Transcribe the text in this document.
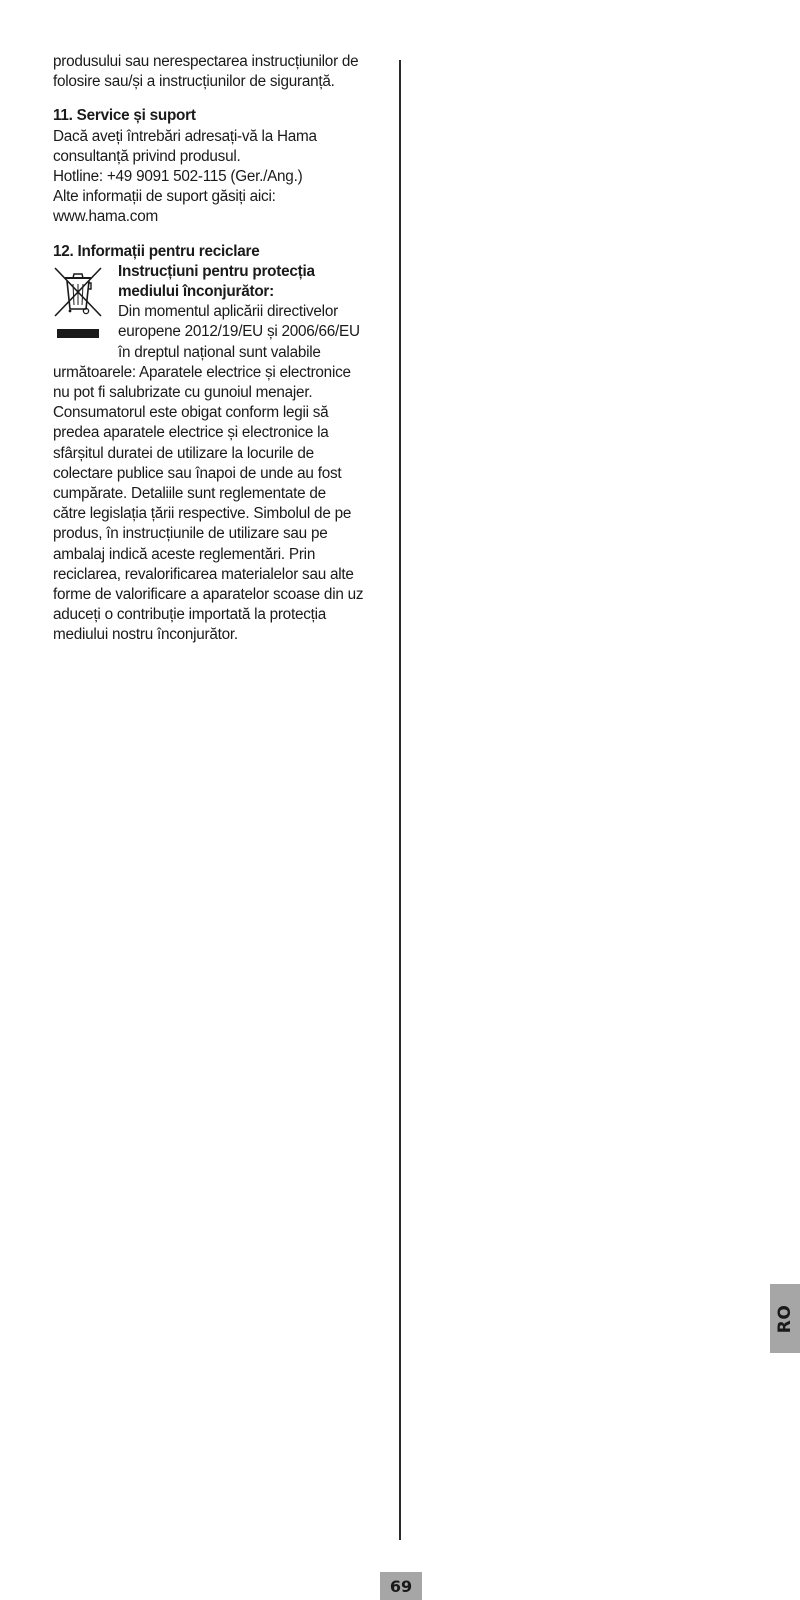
produsului sau nerespectarea instrucțiunilor de
folosire sau/și a instrucțiunilor de siguranță.

11. Service și suport
Dacă aveți întrebări adresați-vă la Hama
consultanță privind produsul.
Hotline: +49 9091 502-115 (Ger./Ang.)
Alte informații de suport găsiți aici:
www.hama.com
12. Informații pentru reciclare
Instrucțiuni pentru protecția
mediului înconjurător:
Din momentul aplicării directivelor
europene 2012/19/EU și 2006/66/EU
în dreptul național sunt valabile
următoarele: Aparatele electrice și electronice
nu pot fi salubrizate cu gunoiul menajer.
Consumatorul este obigat conform legii să
predea aparatele electrice și electronice la
sfârșitul duratei de utilizare la locurile de
colectare publice sau înapoi de unde au fost
cumpărate. Detaliile sunt reglementate de
către legislația țării respective. Simbolul de pe
produs, în instrucțiunile de utilizare sau pe
ambalaj indică aceste reglementări. Prin
reciclarea, revalorificarea materialelor sau alte
forme de valorificare a aparatelor scoase din uz
aduceți o contribuție importată la protecția
mediului nostru înconjurător.
RO
69
